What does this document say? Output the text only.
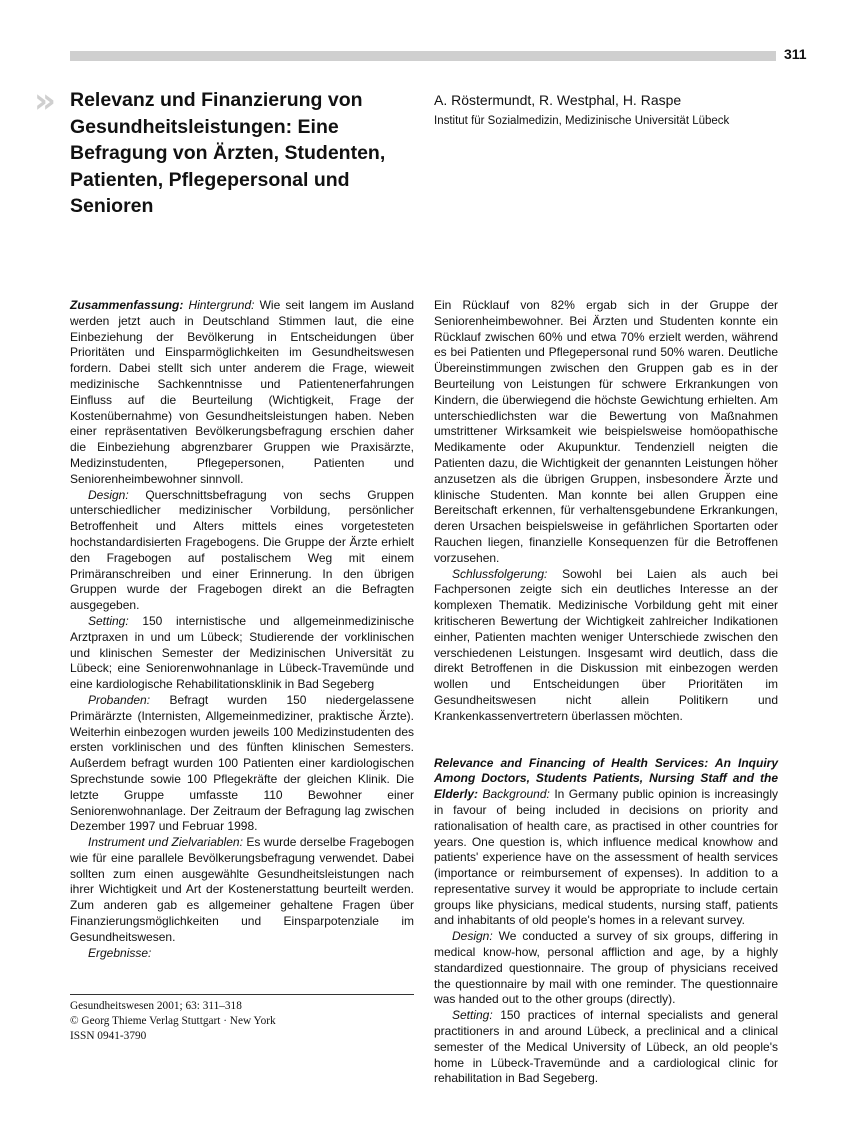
311
» Relevanz und Finanzierung von Gesundheitsleistungen: Eine Befragung von Ärzten, Studenten, Patienten, Pflegepersonal und Senioren
A. Röstermundt, R. Westphal, H. Raspe
Institut für Sozialmedizin, Medizinische Universität Lübeck

Zusammenfassung: Hintergrund: Wie seit langem im Ausland werden jetzt auch in Deutschland Stimmen laut, die eine Einbeziehung der Bevölkerung in Entscheidungen über Prioritäten und Einsparmöglichkeiten im Gesundheitswesen fordern. Dabei stellt sich unter anderem die Frage, wieweit medizinische Sachkenntnisse und Patientenerfahrungen Einfluss auf die Beurteilung (Wichtigkeit, Frage der Kostenübernahme) von Gesundheitsleistungen haben. Neben einer repräsentativen Bevölkerungsbefragung erschien daher die Einbeziehung abgrenzbarer Gruppen wie Praxisärzte, Medizinstudenten, Pflegepersonen, Patienten und Seniorenheimbewohner sinnvoll.

Design: Querschnittsbefragung von sechs Gruppen unterschiedlicher medizinischer Vorbildung, persönlicher Betroffenheit und Alters mittels eines vorgetesteten hochstandardisierten Fragebogens. Die Gruppe der Ärzte erhielt den Fragebogen auf postalischem Weg mit einem Primäranschreiben und einer Erinnerung. In den übrigen Gruppen wurde der Fragebogen direkt an die Befragten ausgegeben.

Setting: 150 internistische und allgemeinmedizinische Arztpraxen in und um Lübeck; Studierende der vorklinischen und klinischen Semester der Medizinischen Universität zu Lübeck; eine Seniorenwohnanlage in Lübeck-Travemünde und eine kardiologische Rehabilitationsklinik in Bad Segeberg

Probanden: Befragt wurden 150 niedergelassene Primärärzte (Internisten, Allgemeinmediziner, praktische Ärzte). Weiterhin einbezogen wurden jeweils 100 Medizinstudenten des ersten vorklinischen und des fünften klinischen Semesters. Außerdem befragt wurden 100 Patienten einer kardiologischen Sprechstunde sowie 100 Pflegekräfte der gleichen Klinik. Die letzte Gruppe umfasste 110 Bewohner einer Seniorenwohnanlage. Der Zeitraum der Befragung lag zwischen Dezember 1997 und Februar 1998.

Instrument und Zielvariablen: Es wurde derselbe Fragebogen wie für eine parallele Bevölkerungsbefragung verwendet. Dabei sollten zum einen ausgewählte Gesundheitsleistungen nach ihrer Wichtigkeit und Art der Kostenerstattung beurteilt werden. Zum anderen gab es allgemeiner gehaltene Fragen über Finanzierungsmöglichkeiten und Einsparpotenziale im Gesundheitswesen.

Ergebnisse:

Ein Rücklauf von 82% ergab sich in der Gruppe der Seniorenheimbewohner. Bei Ärzten und Studenten konnte ein Rücklauf zwischen 60% und etwa 70% erzielt werden, während es bei Patienten und Pflegepersonal rund 50% waren. Deutliche Übereinstimmungen zwischen den Gruppen gab es in der Beurteilung von Leistungen für schwere Erkrankungen von Kindern, die überwiegend die höchste Gewichtung erhielten. Am unterschiedlichsten war die Bewertung von Maßnahmen umstrittener Wirksamkeit wie beispielsweise homöopathische Medikamente oder Akupunktur. Tendenziell neigten die Patienten dazu, die Wichtigkeit der genannten Leistungen höher anzusetzen als die übrigen Gruppen, insbesondere Ärzte und klinische Studenten. Man konnte bei allen Gruppen eine Bereitschaft erkennen, für verhaltensgebundene Erkrankungen, deren Ursachen beispielsweise in gefährlichen Sportarten oder Rauchen liegen, finanzielle Konsequenzen für die Betroffenen vorzusehen.

Schlussfolgerung: Sowohl bei Laien als auch bei Fachpersonen zeigte sich ein deutliches Interesse an der komplexen Thematik. Medizinische Vorbildung geht mit einer kritischeren Bewertung der Wichtigkeit zahlreicher Indikationen einher, Patienten machten weniger Unterschiede zwischen den verschiedenen Leistungen. Insgesamt wird deutlich, dass die direkt Betroffenen in die Diskussion mit einbezogen werden wollen und Entscheidungen über Prioritäten im Gesundheitswesen nicht allein Politikern und Krankenkassenvertretern überlassen möchten.

Relevance and Financing of Health Services: An Inquiry Among Doctors, Students Patients, Nursing Staff and the Elderly: Background: In Germany public opinion is increasingly in favour of being included in decisions on priority and rationalisation of health care, as practised in other countries for years. One question is, which influence medical knowhow and patients' experience have on the assessment of health services (importance or reimbursement of expenses). In addition to a representative survey it would be appropriate to include certain groups like physicians, medical students, nursing staff, patients and inhabitants of old people's homes in a relevant survey.

Design: We conducted a survey of six groups, differing in medical know-how, personal affliction and age, by a highly standardized questionnaire. The group of physicians received the questionnaire by mail with one reminder. The questionnaire was handed out to the other groups (directly).

Setting: 150 practices of internal specialists and general practitioners in and around Lübeck, a preclinical and a clinical semester of the Medical University of Lübeck, an old people's home in Lübeck-Travemünde and a cardiological clinic for rehabilitation in Bad Segeberg.

Gesundheitswesen 2001; 63: 311–318
© Georg Thieme Verlag Stuttgart · New York
ISSN 0941-3790
